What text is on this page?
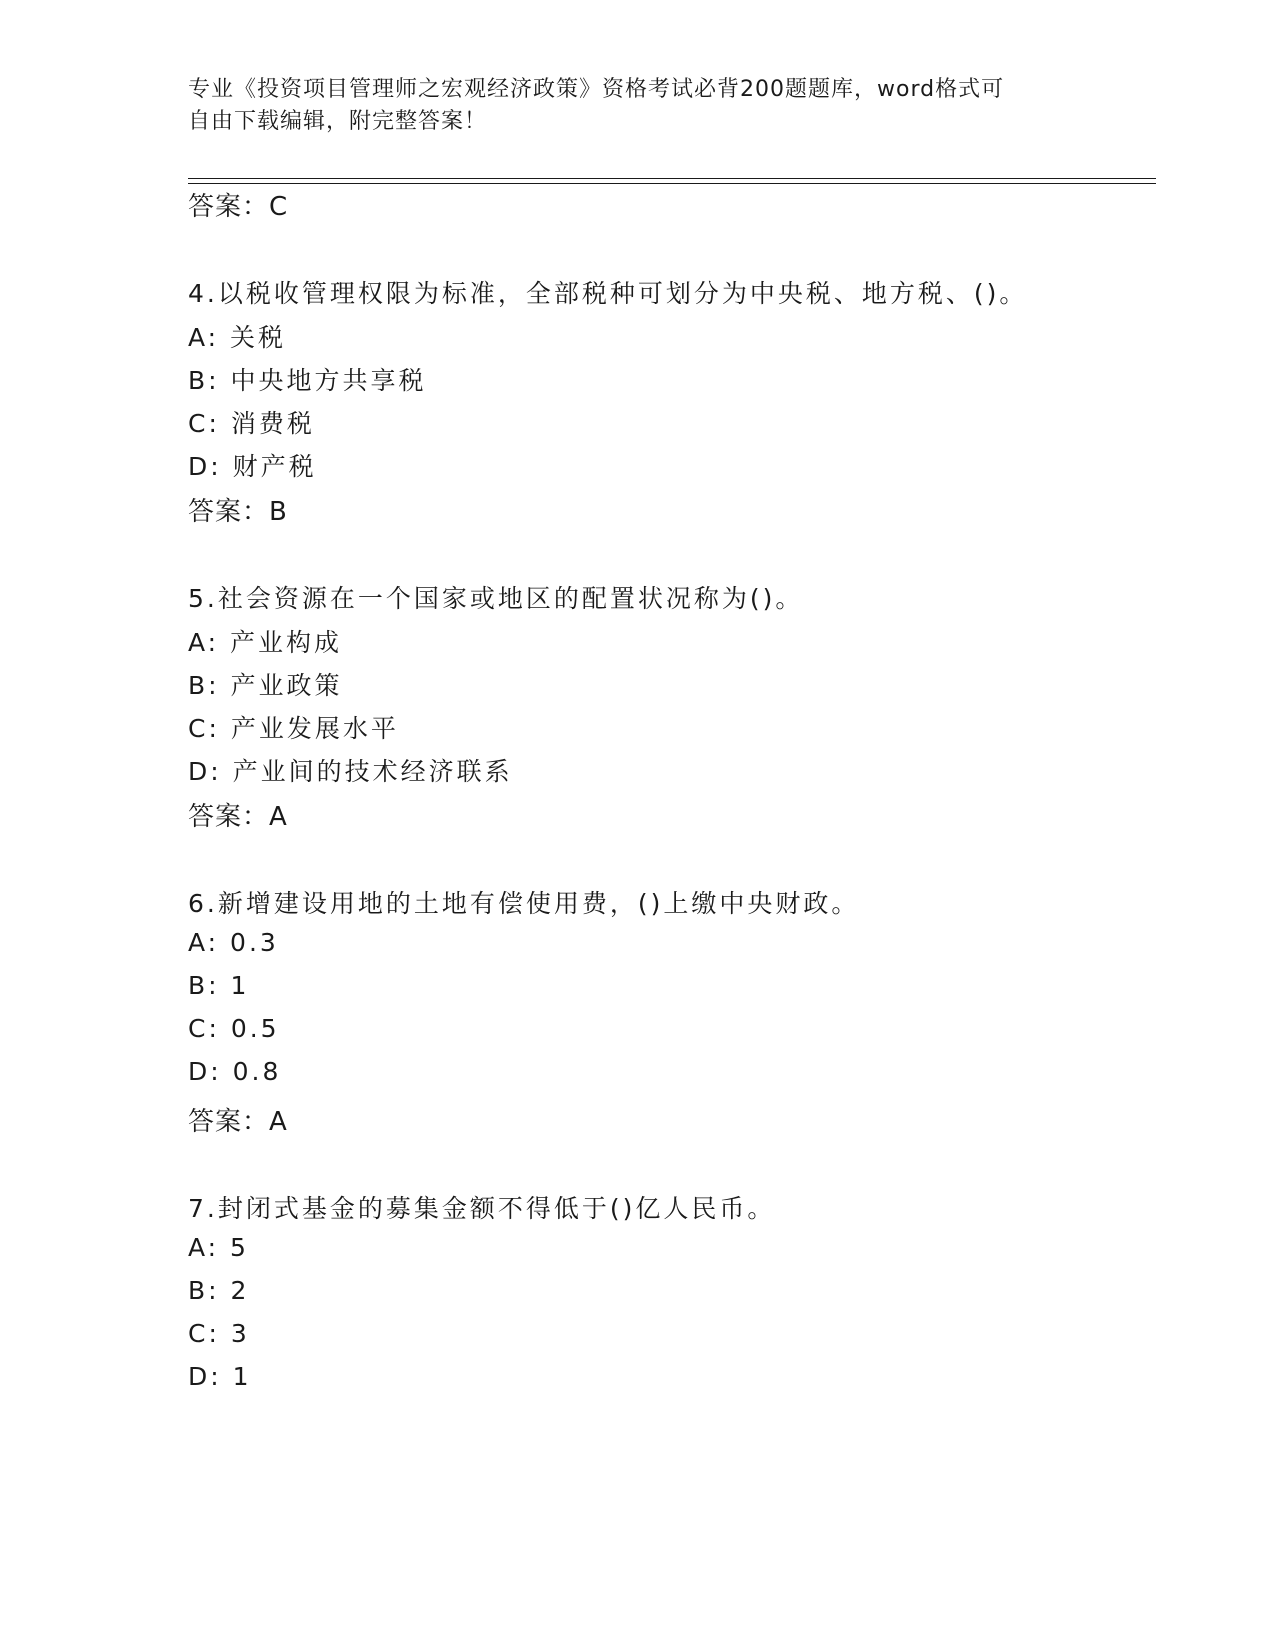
专业《投资项目管理师之宏观经济政策》资格考试必背200题题库，word格式可
自由下载编辑，附完整答案！
答案：C
4.以税收管理权限为标准，全部税种可划分为中央税、地方税、()。
A: 关税
B: 中央地方共享税
C: 消费税
D: 财产税
答案：B
5.社会资源在一个国家或地区的配置状况称为()。
A: 产业构成
B: 产业政策
C: 产业发展水平
D: 产业间的技术经济联系
答案：A
6.新增建设用地的土地有偿使用费，()上缴中央财政。
A: 0.3
B: 1
C: 0.5
D: 0.8
答案：A
7.封闭式基金的募集金额不得低于()亿人民币。
A: 5
B: 2
C: 3
D: 1
